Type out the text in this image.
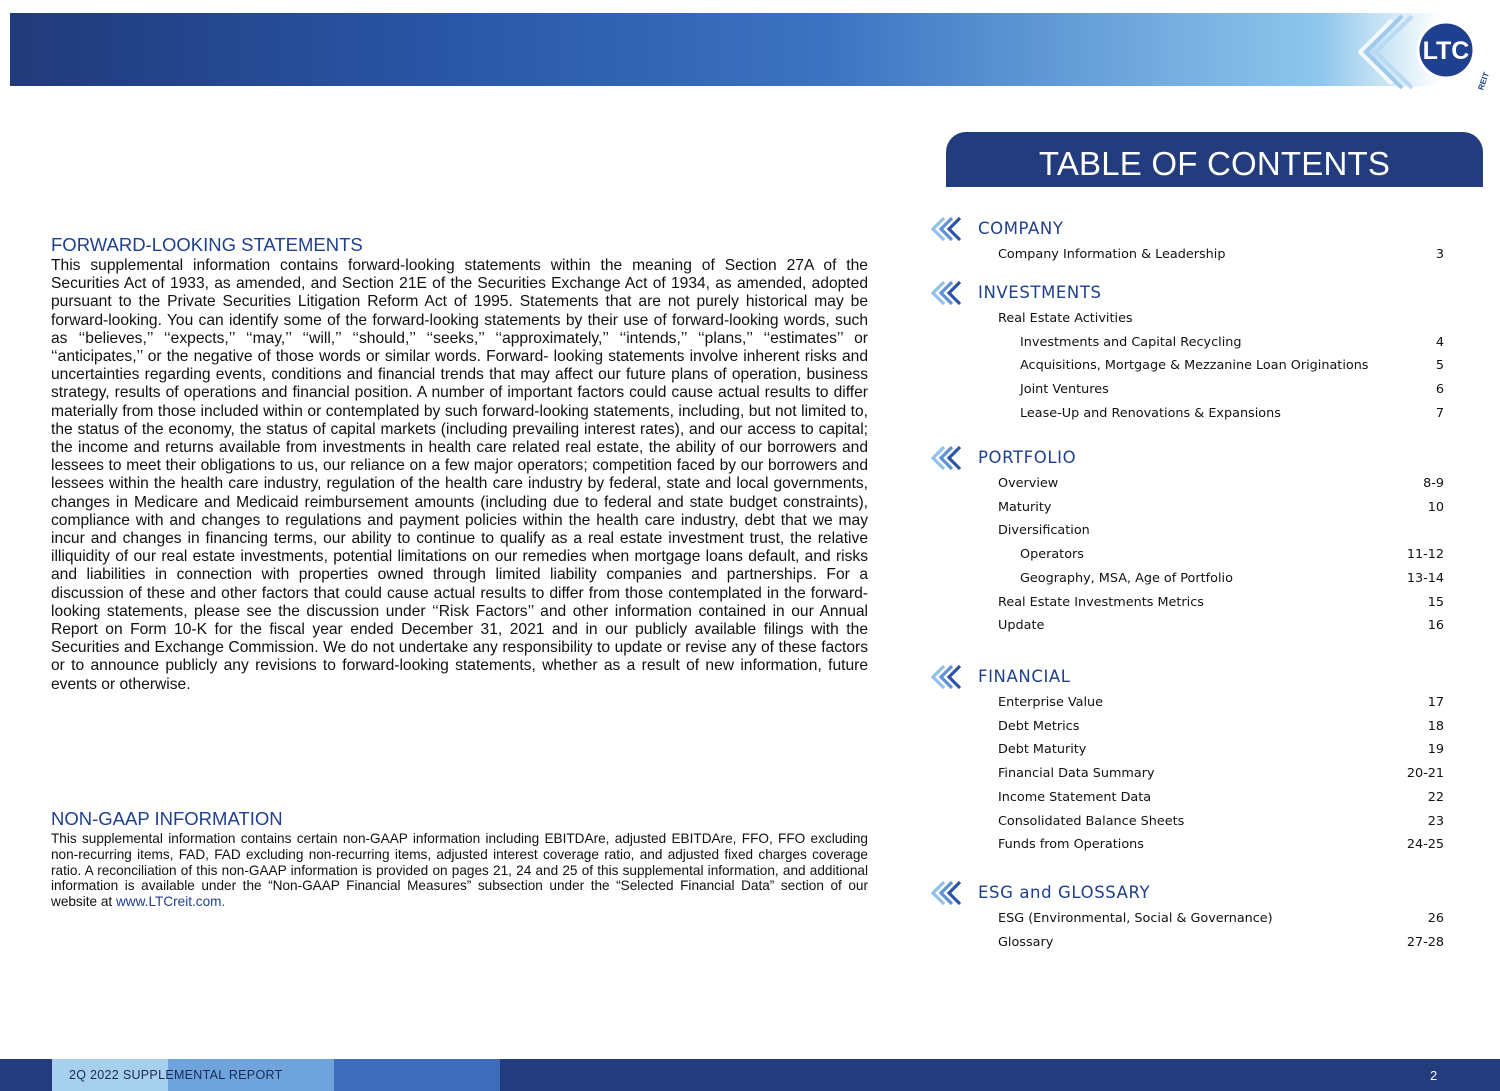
LTC
REIT
TABLE OF CONTENTS
FORWARD-LOOKING STATEMENTS
This supplemental information contains forward-looking statements within the meaning of Section 27A of the Securities Act of 1933, as amended, and Section 21E of the Securities Exchange Act of 1934, as amended, adopted pursuant to the Private Securities Litigation Reform Act of 1995. Statements that are not purely historical may be forward-looking. You can identify some of the forward-looking statements by their use of forward-looking words, such as ‘‘believes,’’ ‘‘expects,’’ ‘‘may,’’ ‘‘will,’’ ‘‘should,’’ ‘‘seeks,’’ ‘‘approximately,’’ ‘‘intends,’’ ‘‘plans,’’ ‘‘estimates’’ or ‘‘anticipates,’’ or the negative of those words or similar words. Forward- looking statements involve inherent risks and uncertainties regarding events, conditions and financial trends that may affect our future plans of operation, business strategy, results of operations and financial position. A number of important factors could cause actual results to differ materially from those included within or contemplated by such forward-looking statements, including, but not limited to, the status of the economy, the status of capital markets (including prevailing interest rates), and our access to capital; the income and returns available from investments in health care related real estate, the ability of our borrowers and lessees to meet their obligations to us, our reliance on a few major operators; competition faced by our borrowers and lessees within the health care industry, regulation of the health care industry by federal, state and local governments, changes in Medicare and Medicaid reimbursement amounts (including due to federal and state budget constraints), compliance with and changes to regulations and payment policies within the health care industry, debt that we may incur and changes in financing terms, our ability to continue to qualify as a real estate investment trust, the relative illiquidity of our real estate investments, potential limitations on our remedies when mortgage loans default, and risks and liabilities in connection with properties owned through limited liability companies and partnerships. For a discussion of these and other factors that could cause actual results to differ from those contemplated in the forward-looking statements, please see the discussion under ‘‘Risk Factors’’ and other information contained in our Annual Report on Form 10-K for the fiscal year ended December 31, 2021 and in our publicly available filings with the Securities and Exchange Commission. We do not undertake any responsibility to update or revise any of these factors or to announce publicly any revisions to forward-looking statements, whether as a result of new information, future events or otherwise.
NON-GAAP INFORMATION
This supplemental information contains certain non-GAAP information including EBITDAre, adjusted EBITDAre, FFO, FFO excluding non-recurring items, FAD, FAD excluding non-recurring items, adjusted interest coverage ratio, and adjusted fixed charges coverage ratio. A reconciliation of this non-GAAP information is provided on pages 21, 24 and 25 of this supplemental information, and additional information is available under the “Non-GAAP Financial Measures” subsection under the “Selected Financial Data” section of our website at www.LTCreit.com.
COMPANY
Company Information & Leadership	3
INVESTMENTS
Real Estate Activities
Investments and Capital Recycling	4
Acquisitions, Mortgage & Mezzanine Loan Originations	5
Joint Ventures	6
Lease-Up and Renovations & Expansions	7
PORTFOLIO
Overview	8-9
Maturity	10
Diversification
Operators	11-12
Geography, MSA, Age of Portfolio	13-14
Real Estate Investments Metrics	15
Update	16
FINANCIAL
Enterprise Value	17
Debt Metrics	18
Debt Maturity	19
Financial Data Summary	20-21
Income Statement Data	22
Consolidated Balance Sheets	23
Funds from Operations	24-25
ESG and GLOSSARY
ESG (Environmental, Social & Governance)	26
Glossary	27-28
2Q 2022 SUPPLEMENTAL REPORT	2
